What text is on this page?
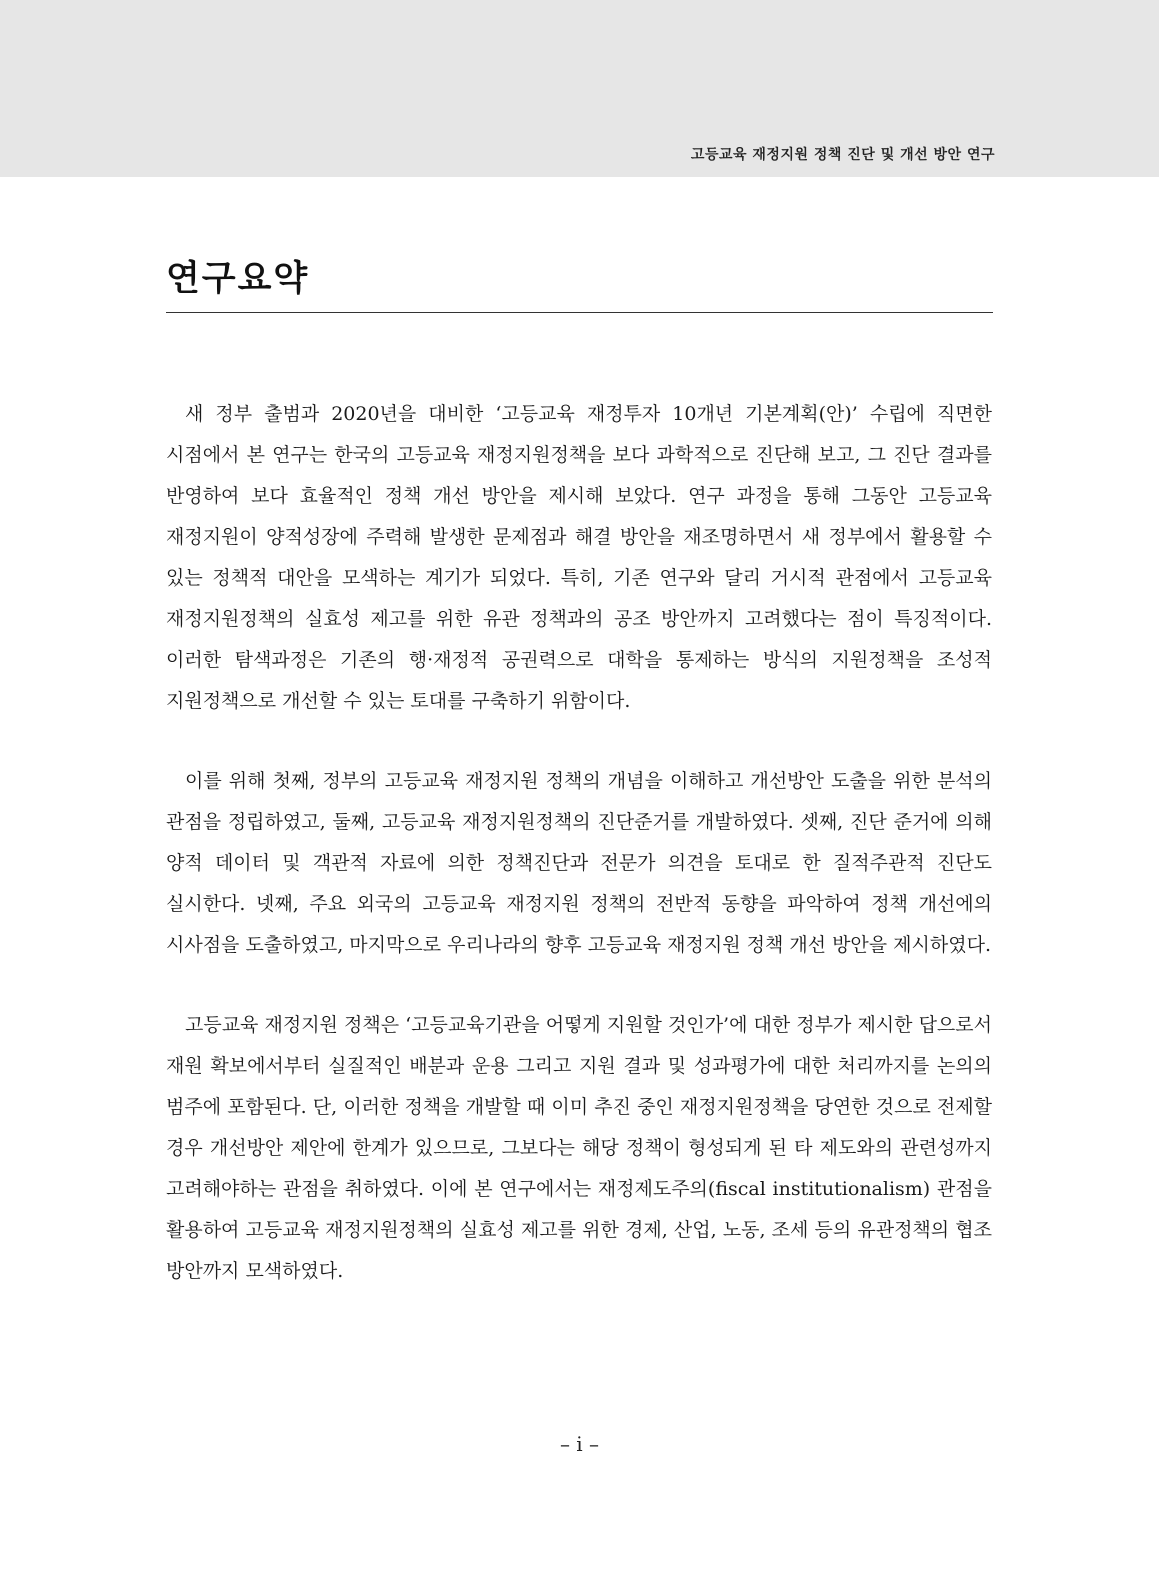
고등교육 재정지원 정책 진단 및 개선 방안 연구
연구요약

새 정부 출범과 2020년을 대비한 ‘고등교육 재정투자 10개년 기본계획(안)’ 수립에 직면한 시점에서 본 연구는 한국의 고등교육 재정지원정책을 보다 과학적으로 진단해 보고, 그 진단 결과를 반영하여 보다 효율적인 정책 개선 방안을 제시해 보았다. 연구 과정을 통해 그동안 고등교육 재정지원이 양적성장에 주력해 발생한 문제점과 해결 방안을 재조명하면서 새 정부에서 활용할 수 있는 정책적 대안을 모색하는 계기가 되었다. 특히, 기존 연구와 달리 거시적 관점에서 고등교육 재정지원정책의 실효성 제고를 위한 유관 정책과의 공조 방안까지 고려했다는 점이 특징적이다. 이러한 탐색과정은 기존의 행·재정적 공권력으로 대학을 통제하는 방식의 지원정책을 조성적 지원정책으로 개선할 수 있는 토대를 구축하기 위함이다.

이를 위해 첫째, 정부의 고등교육 재정지원 정책의 개념을 이해하고 개선방안 도출을 위한 분석의 관점을 정립하였고, 둘째, 고등교육 재정지원정책의 진단준거를 개발하였다. 셋째, 진단 준거에 의해 양적 데이터 및 객관적 자료에 의한 정책진단과 전문가 의견을 토대로 한 질적주관적 진단도 실시한다. 넷째, 주요 외국의 고등교육 재정지원 정책의 전반적 동향을 파악하여 정책 개선에의 시사점을 도출하였고, 마지막으로 우리나라의 향후 고등교육 재정지원 정책 개선 방안을 제시하였다.

고등교육 재정지원 정책은 ‘고등교육기관을 어떻게 지원할 것인가’에 대한 정부가 제시한 답으로서 재원 확보에서부터 실질적인 배분과 운용 그리고 지원 결과 및 성과평가에 대한 처리까지를 논의의 범주에 포함된다. 단, 이러한 정책을 개발할 때 이미 추진 중인 재정지원정책을 당연한 것으로 전제할 경우 개선방안 제안에 한계가 있으므로, 그보다는 해당 정책이 형성되게 된 타 제도와의 관련성까지 고려해야하는 관점을 취하였다. 이에 본 연구에서는 재정제도주의(fiscal institutionalism) 관점을 활용하여 고등교육 재정지원정책의 실효성 제고를 위한 경제, 산업, 노동, 조세 등의 유관정책의 협조 방안까지 모색하였다.

– i –
